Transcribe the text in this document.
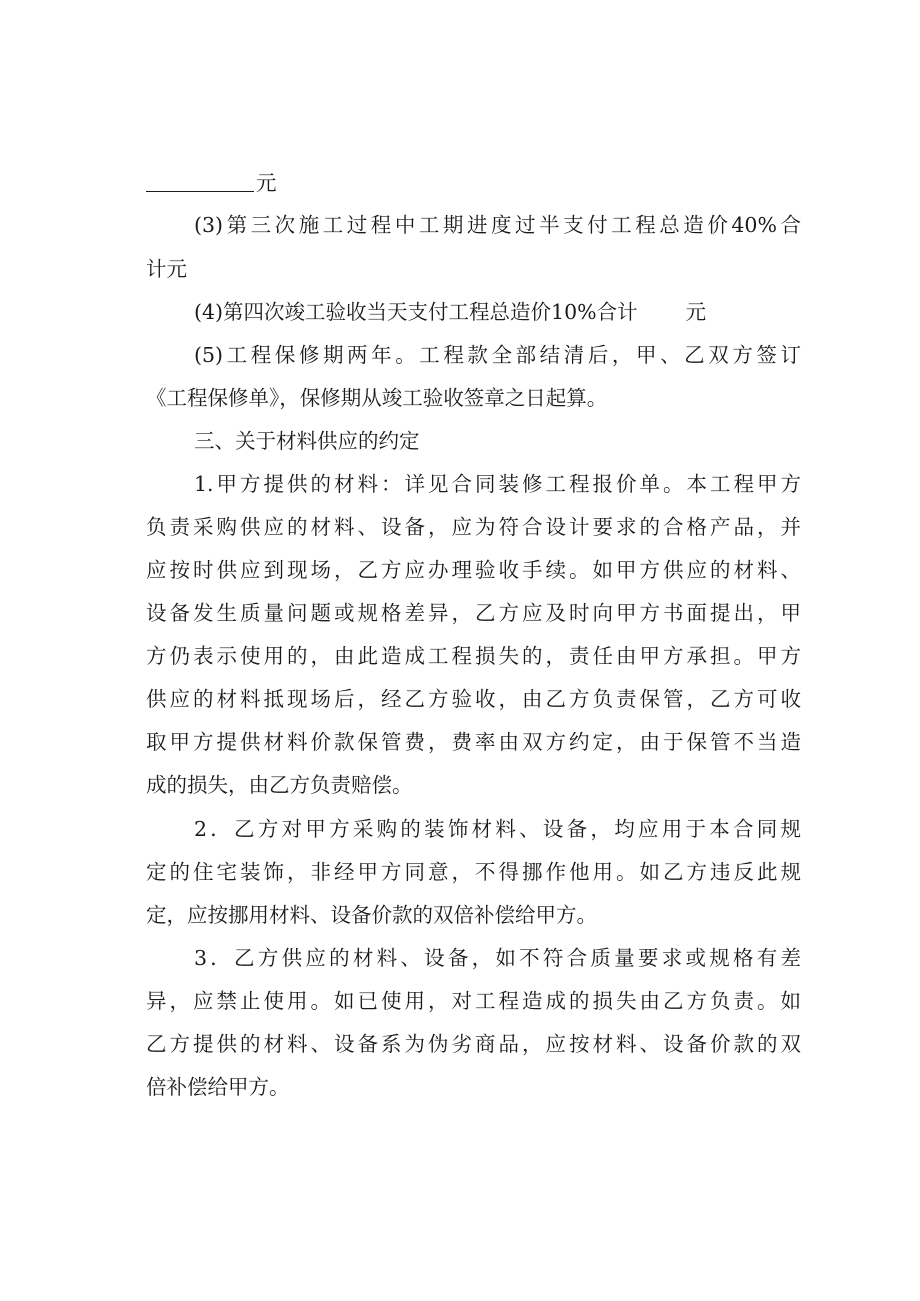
元
(3)第三次施工过程中工期进度过半支付工程总造价40%合
计元
(4)第四次竣工验收当天支付工程总造价10%合计 元
(5)工程保修期两年。工程款全部结清后，甲、乙双方签订
《工程保修单》，保修期从竣工验收签章之日起算。
三、关于材料供应的约定
1.甲方提供的材料：详见合同装修工程报价单。本工程甲方
负责采购供应的材料、设备，应为符合设计要求的合格产品，并
应按时供应到现场，乙方应办理验收手续。如甲方供应的材料、
设备发生质量问题或规格差异，乙方应及时向甲方书面提出，甲
方仍表示使用的，由此造成工程损失的，责任由甲方承担。甲方
供应的材料抵现场后，经乙方验收，由乙方负责保管，乙方可收
取甲方提供材料价款保管费，费率由双方约定，由于保管不当造
成的损失，由乙方负责赔偿。
2．乙方对甲方采购的装饰材料、设备，均应用于本合同规
定的住宅装饰，非经甲方同意，不得挪作他用。如乙方违反此规
定，应按挪用材料、设备价款的双倍补偿给甲方。
3．乙方供应的材料、设备，如不符合质量要求或规格有差
异，应禁止使用。如已使用，对工程造成的损失由乙方负责。如
乙方提供的材料、设备系为伪劣商品，应按材料、设备价款的双
倍补偿给甲方。
